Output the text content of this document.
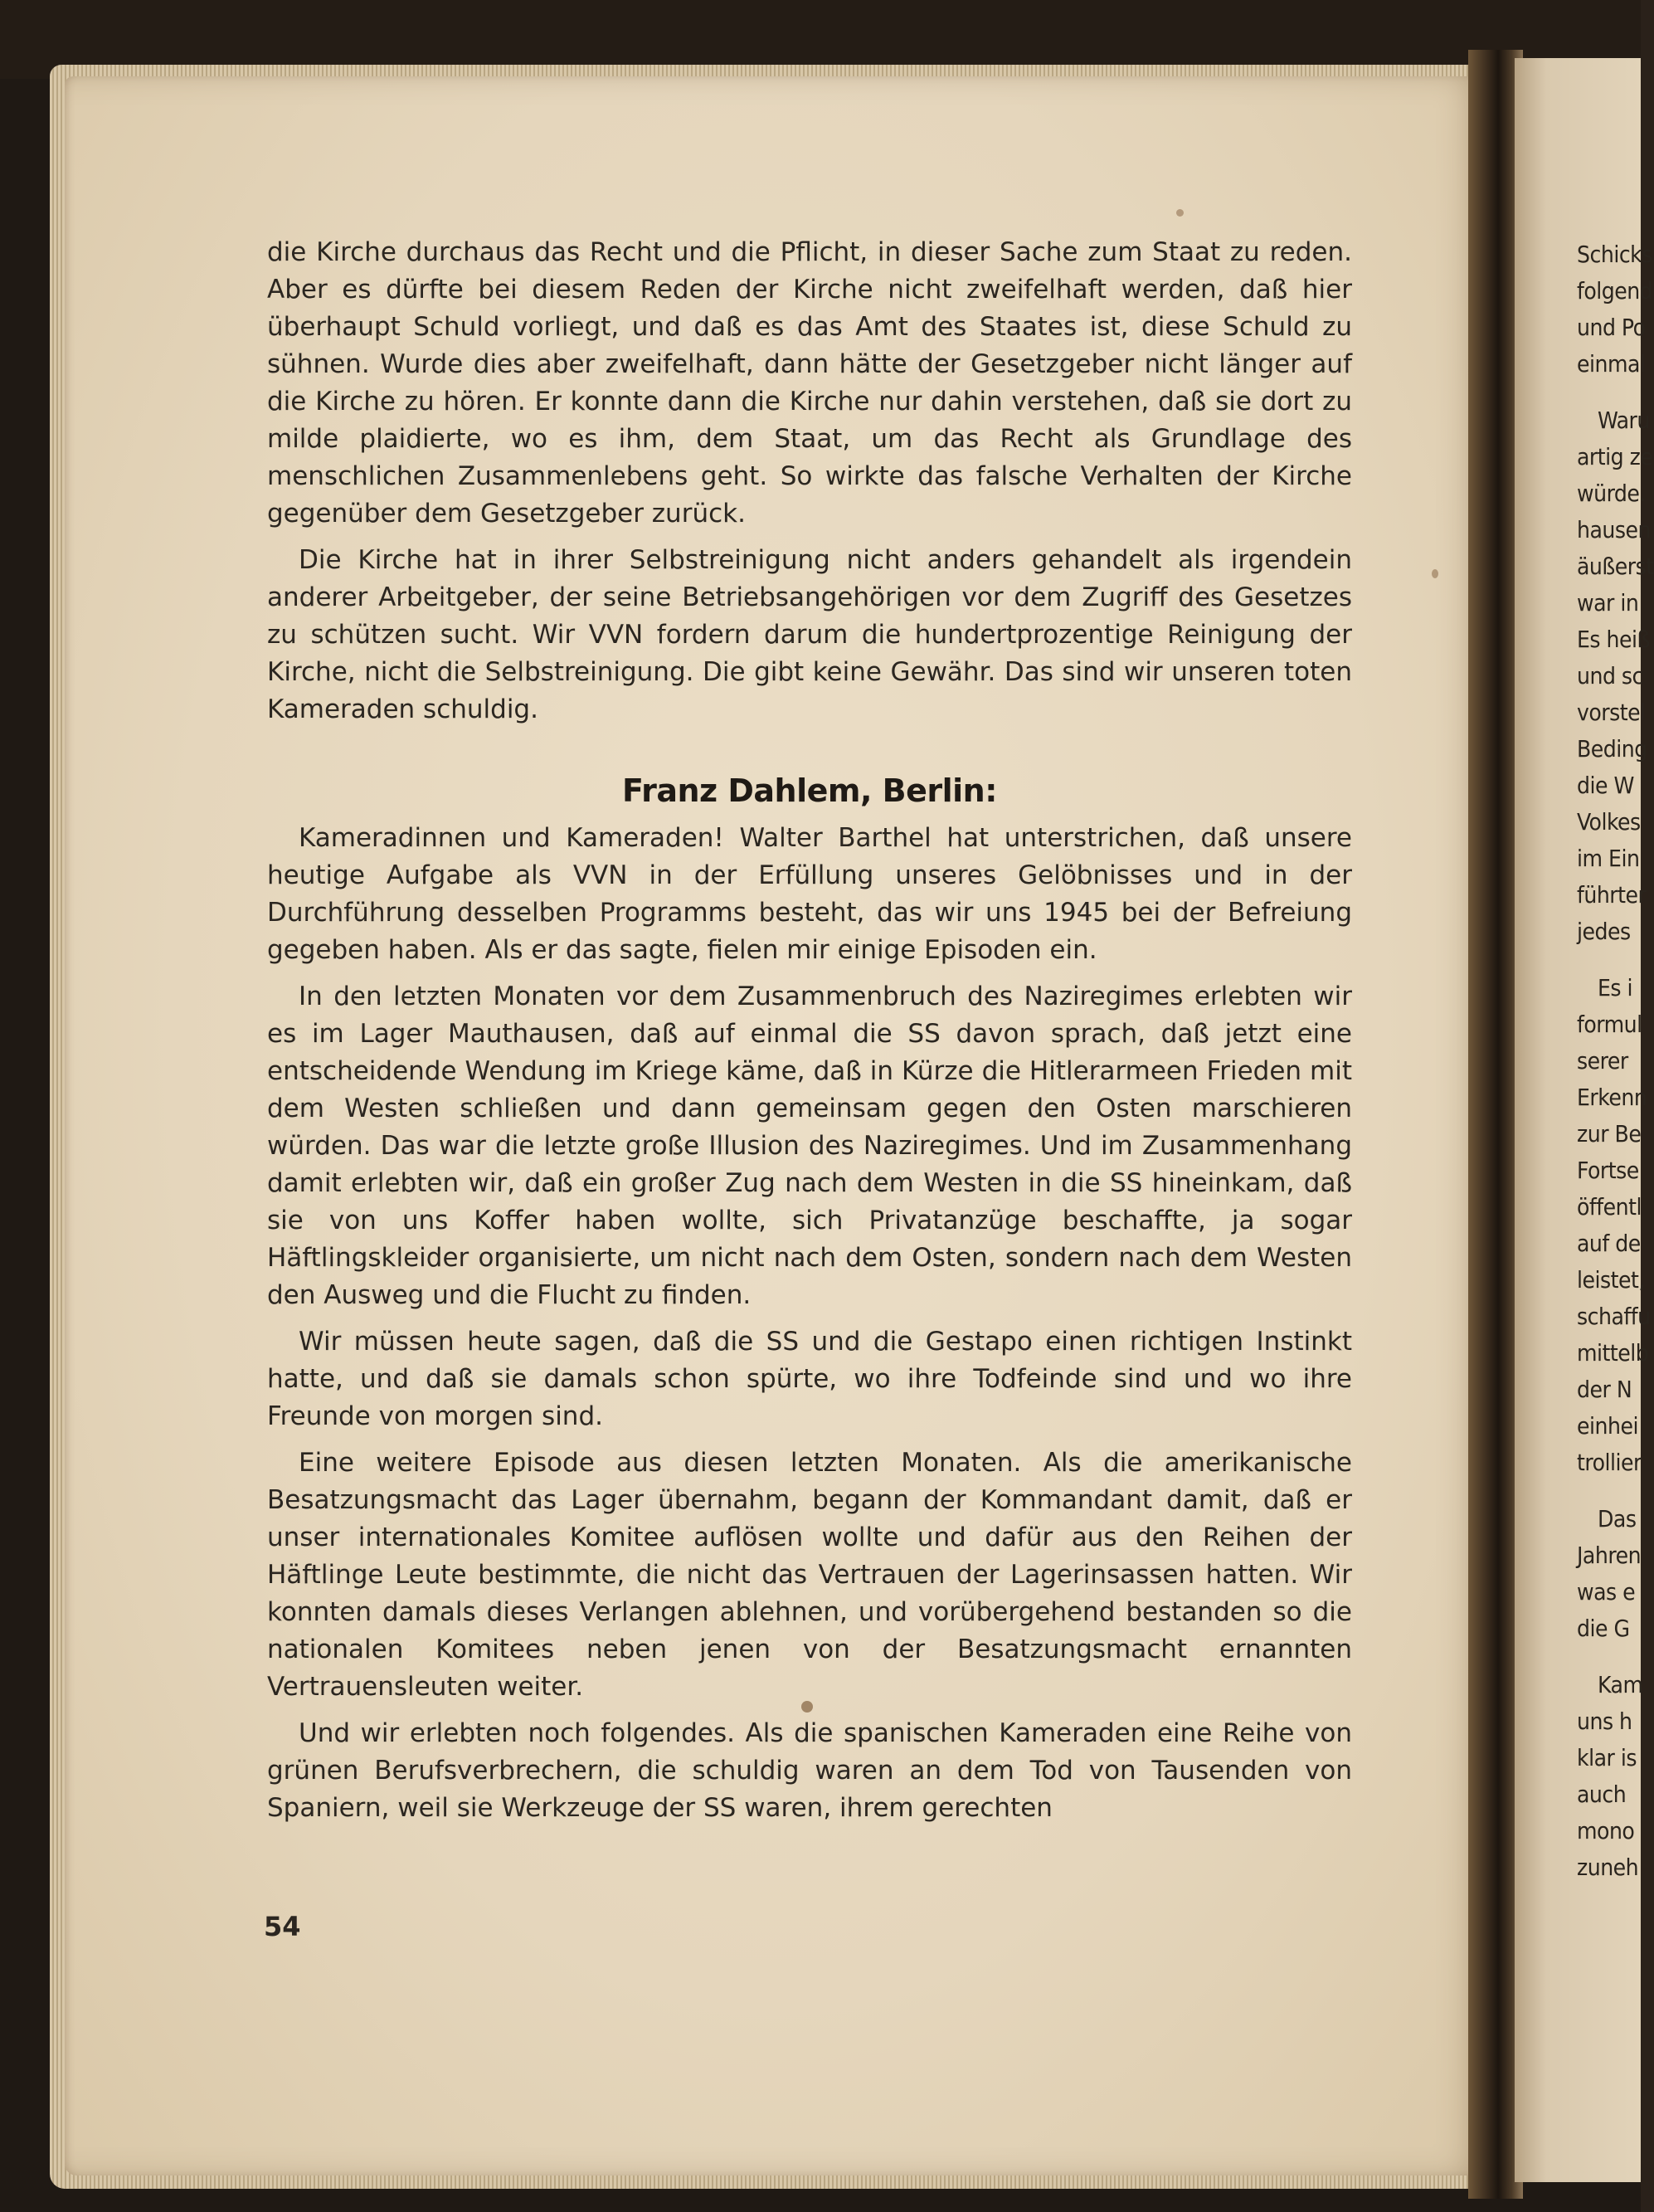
Schicks
folgend
und Po
einmal
Waru
artig ze
würde.
hausen
äußerst
war in
Es heiß
und sc
vorstel
Beding
die W
Volkes
im Ein
führter
jedes
Es i
formul
serer
Erkenn
zur Be
Fortse
öffentl
auf de
leistet,
schaffu
mittelb
der N
einhei
trollier
Das
Jahren
was e
die G
Kam
uns h
klar is
auch
mono
zuneh

die Kirche durchaus das Recht und die Pflicht, in dieser Sache zum Staat zu reden. Aber es dürfte bei diesem Reden der Kirche nicht zweifelhaft werden, daß hier überhaupt Schuld vorliegt, und daß es das Amt des Staates ist, diese Schuld zu sühnen. Wurde dies aber zweifelhaft, dann hätte der Gesetzgeber nicht länger auf die Kirche zu hören. Er konnte dann die Kirche nur dahin verstehen, daß sie dort zu milde plaidierte, wo es ihm, dem Staat, um das Recht als Grundlage des menschlichen Zusammenlebens geht. So wirkte das falsche Verhalten der Kirche gegenüber dem Gesetzgeber zurück.

Die Kirche hat in ihrer Selbstreinigung nicht anders gehandelt als irgendein anderer Arbeitgeber, der seine Betriebsangehörigen vor dem Zugriff des Gesetzes zu schützen sucht. Wir VVN fordern darum die hundertprozentige Reinigung der Kirche, nicht die Selbstreinigung. Die gibt keine Gewähr. Das sind wir unseren toten Kameraden schuldig.

Franz Dahlem, Berlin:

Kameradinnen und Kameraden! Walter Barthel hat unterstrichen, daß unsere heutige Aufgabe als VVN in der Erfüllung unseres Gelöbnisses und in der Durchführung desselben Programms besteht, das wir uns 1945 bei der Befreiung gegeben haben. Als er das sagte, fielen mir einige Episoden ein.

In den letzten Monaten vor dem Zusammenbruch des Naziregimes erlebten wir es im Lager Mauthausen, daß auf einmal die SS davon sprach, daß jetzt eine entscheidende Wendung im Kriege käme, daß in Kürze die Hitlerarmeen Frieden mit dem Westen schließen und dann gemeinsam gegen den Osten marschieren würden. Das war die letzte große Illusion des Naziregimes. Und im Zusammenhang damit erlebten wir, daß ein großer Zug nach dem Westen in die SS hineinkam, daß sie von uns Koffer haben wollte, sich Privatanzüge beschaffte, ja sogar Häftlingskleider organisierte, um nicht nach dem Osten, sondern nach dem Westen den Ausweg und die Flucht zu finden.

Wir müssen heute sagen, daß die SS und die Gestapo einen richtigen Instinkt hatte, und daß sie damals schon spürte, wo ihre Todfeinde sind und wo ihre Freunde von morgen sind.

Eine weitere Episode aus diesen letzten Monaten. Als die amerikanische Besatzungsmacht das Lager übernahm, begann der Kommandant damit, daß er unser internationales Komitee auflösen wollte und dafür aus den Reihen der Häftlinge Leute bestimmte, die nicht das Vertrauen der Lagerinsassen hatten. Wir konnten damals dieses Verlangen ablehnen, und vorübergehend bestanden so die nationalen Komitees neben jenen von der Besatzungsmacht ernannten Vertrauensleuten weiter.

Und wir erlebten noch folgendes. Als die spanischen Kameraden eine Reihe von grünen Berufsverbrechern, die schuldig waren an dem Tod von Tausenden von Spaniern, weil sie Werkzeuge der SS waren, ihrem gerechten

54
